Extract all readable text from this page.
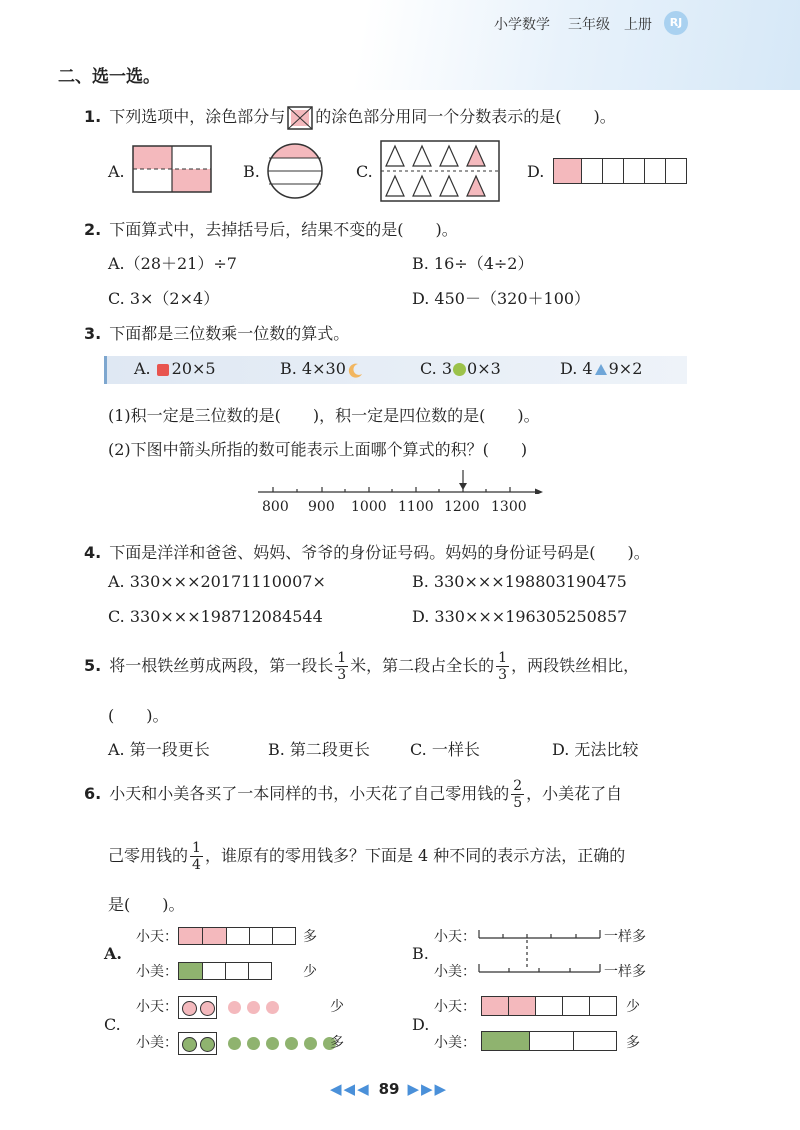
小学数学 三年级 上册	RJ
二、选一选。
1. 下列选项中，涂色部分与 的涂色部分用同一个分数表示的是(　　)。
A.	B.	C.	D.
2. 下面算式中，去掉括号后，结果不变的是(　　)。
A.（28＋21）÷7	B. 16÷（4÷2）
C. 3×（2×4）	D. 450－（320＋100）
3. 下面都是三位数乘一位数的算式。
A. 20×5	B. 4×30	C. 3 0×3	D. 4 9×2
(1)积一定是三位数的是(　　)，积一定是四位数的是(　　)。
(2)下图中箭头所指的数可能表示上面哪个算式的积？(　　)
800 900 1000 1100 1200 1300
4. 下面是洋洋和爸爸、妈妈、爷爷的身份证号码。妈妈的身份证号码是(　　)。
A. 330×××20171110007×	B. 330×××198803190475
C. 330×××198712084544	D. 330×××196305250857
5. 将一根铁丝剪成两段，第一段长 $\frac{1}{3}$ 米，第二段占全长的 $\frac{1}{3}$ ，两段铁丝相比，
(　　)。
A. 第一段更长	B. 第二段更长	C. 一样长	D. 无法比较
6. 小天和小美各买了一本同样的书，小天花了自己零用钱的 $\frac{2}{5}$ ，小美花了自
己零用钱的 $\frac{1}{4}$ ，谁原有的零用钱多？下面是 4 种不同的表示方法，正确的
是(　　)。
A.
小天：	多
小美：	少
B.
小天：	一样多
小美：	一样多
C.
小天：
	少
小美：
	多
D.
小天：	少
小美：	多
◀◀◀ 89 ▶▶▶
